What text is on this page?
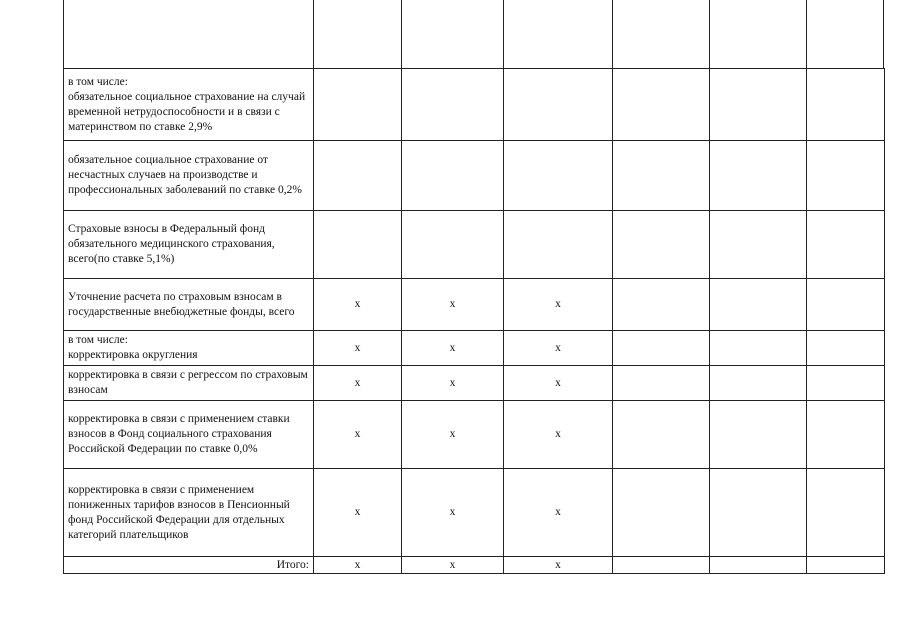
в том числе:
обязательное социальное страхование на случай временной нетрудоспособности и в связи с материнством по ставке 2,9%						
обязательное социальное страхование от несчастных случаев на производстве и профессиональных заболеваний по ставке 0,2%						
Страховые взносы в Федеральный фонд обязательного медицинского страхования, всего(по ставке 5,1%)						
Уточнение расчета по страховым взносам в государственные внебюджетные фонды, всего	x	x	x			
в том числе:
корректировка округления	x	x	x			
корректировка в связи с регрессом по страховым взносам	x	x	x			
корректировка в связи с применением ставки взносов в Фонд социального страхования Российской Федерации по ставке 0,0%	x	x	x			
корректировка в связи с применением пониженных тарифов взносов в Пенсионный фонд Российской Федерации для отдельных категорий плательщиков	x	x	x			
Итого:	x	x	x			
